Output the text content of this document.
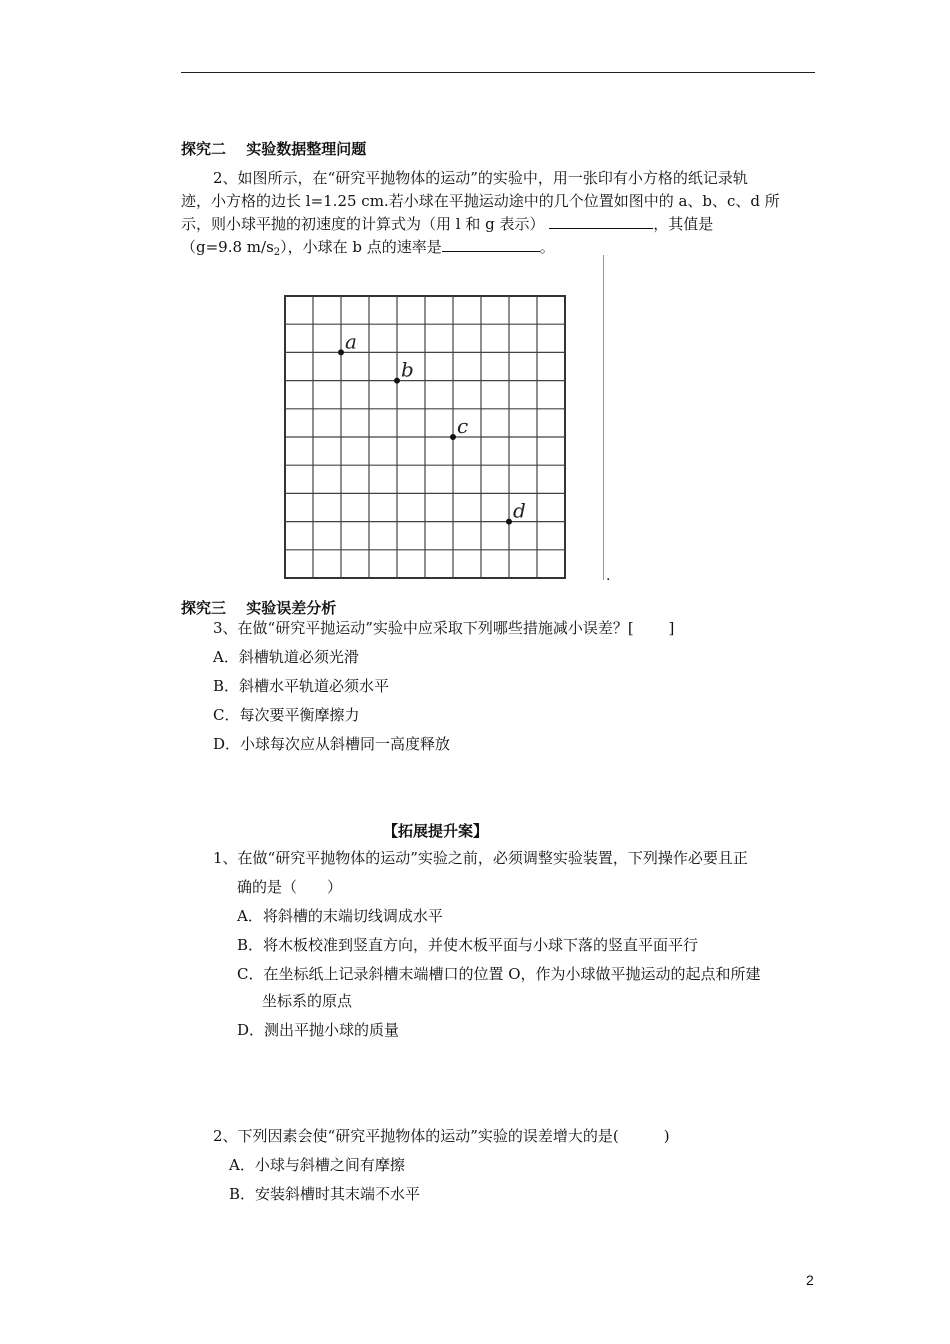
探究二　 实验数据整理问题
2、如图所示，在“研究平抛物体的运动”的实验中，用一张印有小方格的纸记录轨
迹，小方格的边长 l=1.25 cm.若小球在平抛运动途中的几个位置如图中的 a、b、c、d 所
示，则小球平抛的初速度的计算式为（用 l 和 g 表示）	，其值是
（g=9.8 $m/s_2$），小球在 b 点的速率是	。
a
b
c
d
.
探究三　 实验误差分析
3、在做“研究平抛运动”实验中应采取下列哪些措施减小误差？[　　 ]
A．斜槽轨道必须光滑
B．斜槽水平轨道必须水平
C．每次要平衡摩擦力
D．小球每次应从斜槽同一高度释放
【拓展提升案】
1、在做“研究平抛物体的运动”实验之前，必须调整实验装置，下列操作必要且正
确的是（　　）
A．将斜槽的末端切线调成水平
B．将木板校准到竖直方向，并使木板平面与小球下落的竖直平面平行
C．在坐标纸上记录斜槽末端槽口的位置 O，作为小球做平抛运动的起点和所建
坐标系的原点
D．测出平抛小球的质量
2、下列因素会使“研究平抛物体的运动”实验的误差增大的是(　　　)
A．小球与斜槽之间有摩擦
B．安装斜槽时其末端不水平
2
